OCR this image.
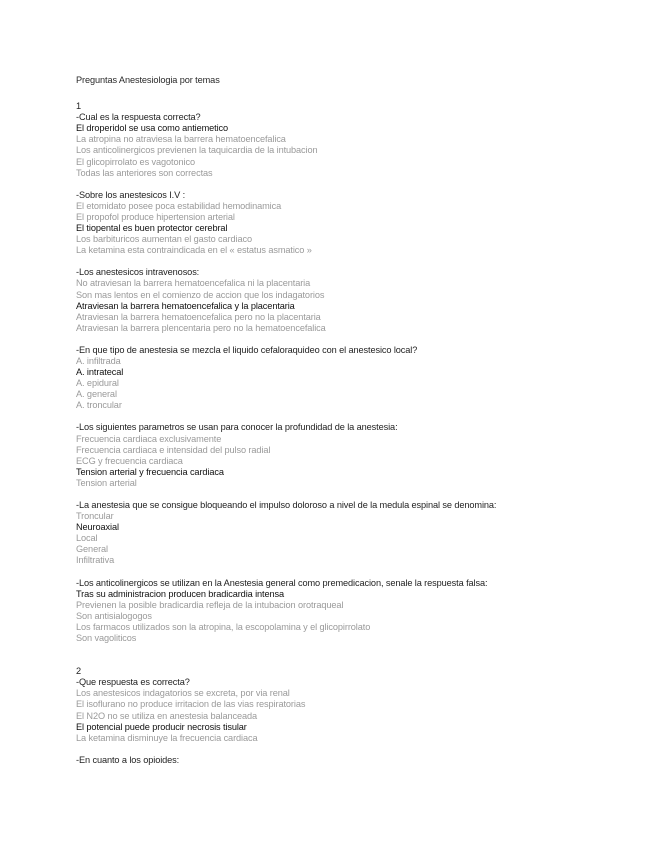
Preguntas Anestesiologia por temas
1
-Cual es la respuesta correcta?
El droperidol se usa como antiemetico
La atropina no atraviesa la barrera hematoencefalica
Los anticolinergicos previenen la taquicardia de la intubacion
El glicopirrolato es vagotonico
Todas las anteriores son correctas
-Sobre los anestesicos I.V :
El etomidato posee poca estabilidad hemodinamica
El propofol produce hipertension arterial
El tiopental es buen protector cerebral
Los barbituricos aumentan el gasto cardiaco
La ketamina esta contraindicada en el « estatus asmatico »
-Los anestesicos intravenosos:
No atraviesan la barrera hematoencefalica ni la placentaria
Son mas lentos en el comienzo de accion que los indagatorios
Atraviesan la barrera hematoencefalica y la placentaria
Atraviesan la barrera hematoencefalica pero no la placentaria
Atraviesan la barrera plencentaria pero no la hematoencefalica
-En que tipo de anestesia se mezcla el liquido cefaloraquideo con el anestesico local?
A. infiltrada
A. intratecal
A. epidural
A. general
A. troncular
-Los siguientes parametros se usan para conocer la profundidad de la anestesia:
Frecuencia cardiaca exclusivamente
Frecuencia cardiaca e intensidad del pulso radial
ECG y frecuencia cardiaca
Tension arterial y frecuencia cardiaca
Tension arterial
-La anestesia que se consigue bloqueando el impulso doloroso a nivel de la medula espinal se denomina:
Troncular
Neuroaxial
Local
General
Infiltrativa
-Los anticolinergicos se utilizan en la Anestesia general como premedicacion, senale la respuesta falsa:
Tras su administracion producen bradicardia intensa
Previenen la posible bradicardia refleja de la intubacion orotraqueal
Son antisialogogos
Los farmacos utilizados son la atropina, la escopolamina y el glicopirrolato
Son vagoliticos
2
-Que respuesta es correcta?
Los anestesicos indagatorios se excreta, por via renal
El isoflurano no produce irritacion de las vias respiratorias
El N2O no se utiliza en anestesia balanceada
El potencial puede producir necrosis tisular
La ketamina disminuye la frecuencia cardiaca
-En cuanto a los opioides:
